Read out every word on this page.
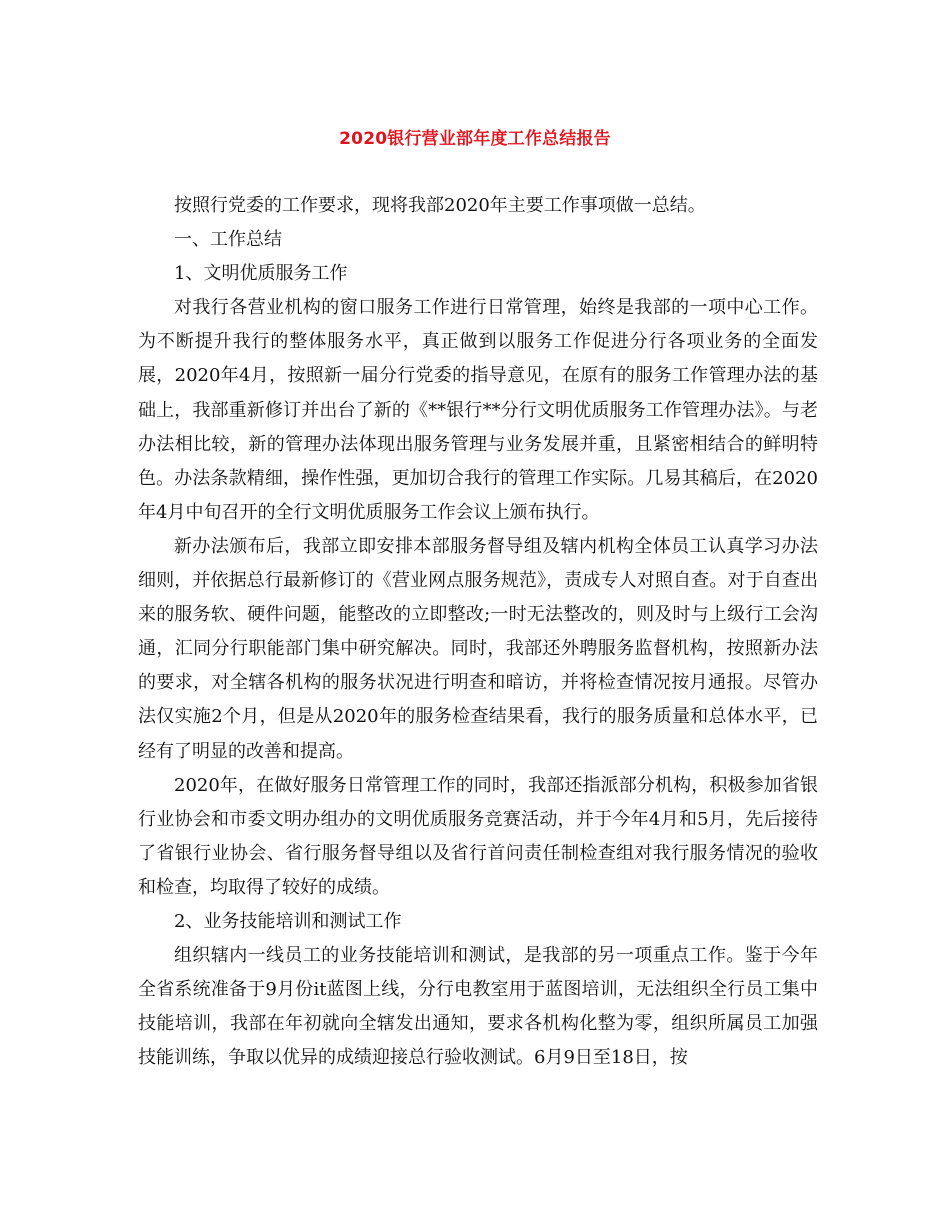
2020银行营业部年度工作总结报告

按照行党委的工作要求，现将我部2020年主要工作事项做一总结。

一、工作总结

1、文明优质服务工作

对我行各营业机构的窗口服务工作进行日常管理，始终是我部的一项中心工作。为不断提升我行的整体服务水平，真正做到以服务工作促进分行各项业务的全面发展，2020年4月，按照新一届分行党委的指导意见，在原有的服务工作管理办法的基础上，我部重新修订并出台了新的《**银行**分行文明优质服务工作管理办法》。与老办法相比较，新的管理办法体现出服务管理与业务发展并重，且紧密相结合的鲜明特色。办法条款精细，操作性强，更加切合我行的管理工作实际。几易其稿后，在2020年4月中旬召开的全行文明优质服务工作会议上颁布执行。

新办法颁布后，我部立即安排本部服务督导组及辖内机构全体员工认真学习办法细则，并依据总行最新修订的《营业网点服务规范》，责成专人对照自查。对于自查出来的服务软、硬件问题，能整改的立即整改;一时无法整改的，则及时与上级行工会沟通，汇同分行职能部门集中研究解决。同时，我部还外聘服务监督机构，按照新办法的要求，对全辖各机构的服务状况进行明查和暗访，并将检查情况按月通报。尽管办法仅实施2个月，但是从2020年的服务检查结果看，我行的服务质量和总体水平，已经有了明显的改善和提高。

2020年，在做好服务日常管理工作的同时，我部还指派部分机构，积极参加省银行业协会和市委文明办组办的文明优质服务竞赛活动，并于今年4月和5月，先后接待了省银行业协会、省行服务督导组以及省行首问责任制检查组对我行服务情况的验收和检查，均取得了较好的成绩。

2、业务技能培训和测试工作

组织辖内一线员工的业务技能培训和测试，是我部的另一项重点工作。鉴于今年全省系统准备于9月份it蓝图上线，分行电教室用于蓝图培训，无法组织全行员工集中技能培训，我部在年初就向全辖发出通知，要求各机构化整为零，组织所属员工加强技能训练，争取以优异的成绩迎接总行验收测试。6月9日至18日，按
